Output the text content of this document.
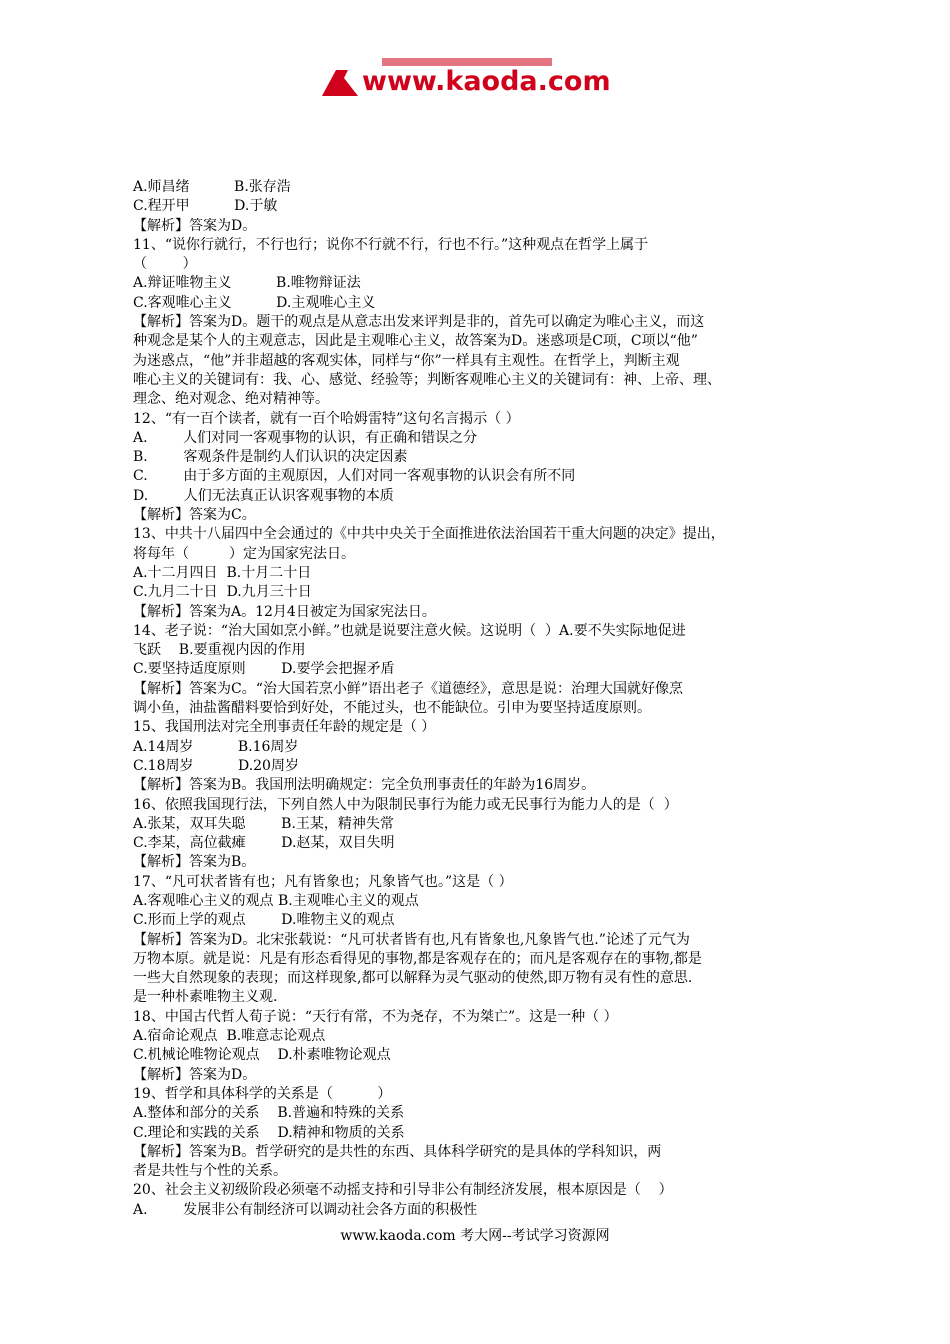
www.kaoda.com
A.师昌绪          B.张存浩
C.程开甲          D.于敏
【解析】答案为D。
11、“说你行就行，不行也行；说你不行就不行，行也不行。”这种观点在哲学上属于
（        ）
A.辩证唯物主义          B.唯物辩证法
C.客观唯心主义          D.主观唯心主义
【解析】答案为D。题干的观点是从意志出发来评判是非的，首先可以确定为唯心主义，而这
种观念是某个人的主观意志，因此是主观唯心主义，故答案为D。迷惑项是C项，C项以“他”
为迷惑点，“他”并非超越的客观实体，同样与“你”一样具有主观性。在哲学上，判断主观
唯心主义的关键词有：我、心、感觉、经验等；判断客观唯心主义的关键词有：神、上帝、理、
理念、绝对观念、绝对精神等。
12、“有一百个读者，就有一百个哈姆雷特”这句名言揭示（ ）
A.        人们对同一客观事物的认识，有正确和错误之分
B.        客观条件是制约人们认识的决定因素
C.        由于多方面的主观原因，人们对同一客观事物的认识会有所不同
D.        人们无法真正认识客观事物的本质
【解析】答案为C。
13、中共十八届四中全会通过的《中共中央关于全面推进依法治国若干重大问题的决定》提出，
将每年（         ）定为国家宪法日。
A.十二月四日  B.十月二十日
C.九月二十日  D.九月三十日
【解析】答案为A。12月4日被定为国家宪法日。
14、老子说：“治大国如烹小鲜。”也就是说要注意火候。这说明（  ）A.要不失实际地促进
飞跃    B.要重视内因的作用
C.要坚持适度原则        D.要学会把握矛盾
【解析】答案为C。“治大国若烹小鲜”语出老子《道德经》，意思是说：治理大国就好像烹
调小鱼，油盐酱醋料要恰到好处，不能过头，也不能缺位。引申为要坚持适度原则。
15、我国刑法对完全刑事责任年龄的规定是（ ）
A.14周岁          B.16周岁
C.18周岁          D.20周岁
【解析】答案为B。我国刑法明确规定：完全负刑事责任的年龄为16周岁。
16、依照我国现行法，下列自然人中为限制民事行为能力或无民事行为能力人的是（  ）
A.张某，双耳失聪        B.王某，精神失常
C.李某，高位截瘫        D.赵某，双目失明
【解析】答案为B。
17、“凡可状者皆有也；凡有皆象也；凡象皆气也。”这是（ ）
A.客观唯心主义的观点 B.主观唯心主义的观点
C.形而上学的观点        D.唯物主义的观点
【解析】答案为D。北宋张载说：“凡可状者皆有也,凡有皆象也,凡象皆气也.”论述了元气为
万物本原。就是说：凡是有形态看得见的事物,都是客观存在的；而凡是客观存在的事物,都是
一些大自然现象的表现；而这样现象,都可以解释为灵气驱动的使然,即万物有灵有性的意思.
是一种朴素唯物主义观.
18、中国古代哲人荀子说：“天行有常，不为尧存，不为桀亡”。这是一种（ ）
A.宿命论观点  B.唯意志论观点
C.机械论唯物论观点    D.朴素唯物论观点
【解析】答案为D。
19、哲学和具体科学的关系是（          ）
A.整体和部分的关系    B.普遍和特殊的关系
C.理论和实践的关系    D.精神和物质的关系
【解析】答案为B。哲学研究的是共性的东西、具体科学研究的是具体的学科知识，两
者是共性与个性的关系。
20、社会主义初级阶段必须毫不动摇支持和引导非公有制经济发展，根本原因是（    ）
A.        发展非公有制经济可以调动社会各方面的积极性
www.kaoda.com 考大网--考试学习资源网
